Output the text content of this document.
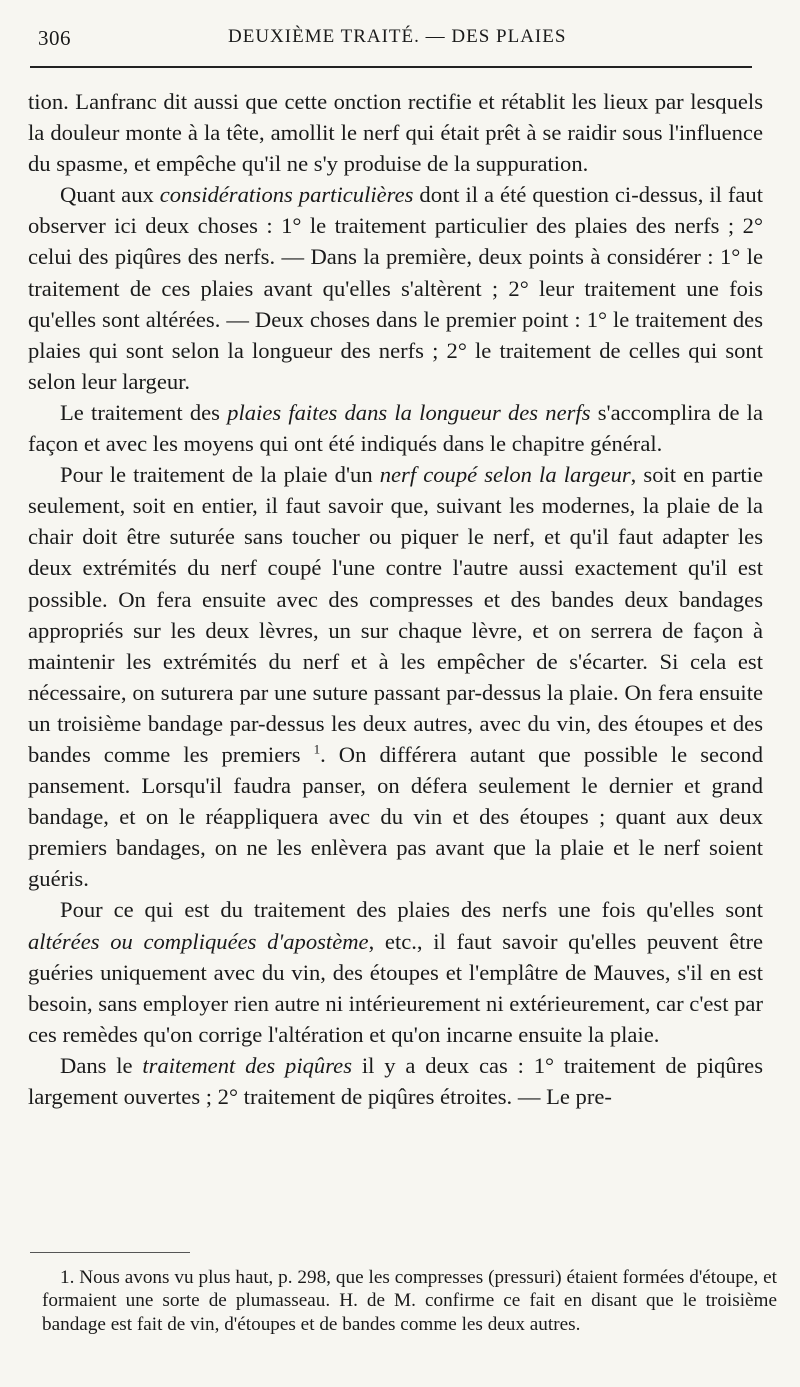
306	DEUXIÈME TRAITÉ. — DES PLAIES

tion. Lanfranc dit aussi que cette onction rectifie et rétablit les lieux par lesquels la douleur monte à la tête, amollit le nerf qui était prêt à se raidir sous l'influence du spasme, et empêche qu'il ne s'y produise de la suppuration.

Quant aux considérations particulières dont il a été question ci-dessus, il faut observer ici deux choses : 1° le traitement particulier des plaies des nerfs ; 2° celui des piqûres des nerfs. — Dans la première, deux points à considérer : 1° le traitement de ces plaies avant qu'elles s'altèrent ; 2° leur traitement une fois qu'elles sont altérées. — Deux choses dans le premier point : 1° le traitement des plaies qui sont selon la longueur des nerfs ; 2° le traitement de celles qui sont selon leur largeur.

Le traitement des plaies faites dans la longueur des nerfs s'accomplira de la façon et avec les moyens qui ont été indiqués dans le chapitre général.

Pour le traitement de la plaie d'un nerf coupé selon la largeur, soit en partie seulement, soit en entier, il faut savoir que, suivant les modernes, la plaie de la chair doit être suturée sans toucher ou piquer le nerf, et qu'il faut adapter les deux extrémités du nerf coupé l'une contre l'autre aussi exactement qu'il est possible. On fera ensuite avec des compresses et des bandes deux bandages appropriés sur les deux lèvres, un sur chaque lèvre, et on serrera de façon à maintenir les extrémités du nerf et à les empêcher de s'écarter. Si cela est nécessaire, on suturera par une suture passant par-dessus la plaie. On fera ensuite un troisième bandage par-dessus les deux autres, avec du vin, des étoupes et des bandes comme les premiers $^1$. On différera autant que possible le second pansement. Lorsqu'il faudra panser, on défera seulement le dernier et grand bandage, et on le réappliquera avec du vin et des étoupes ; quant aux deux premiers bandages, on ne les enlèvera pas avant que la plaie et le nerf soient guéris.

Pour ce qui est du traitement des plaies des nerfs une fois qu'elles sont altérées ou compliquées d'apostème, etc., il faut savoir qu'elles peuvent être guéries uniquement avec du vin, des étoupes et l'emplâtre de Mauves, s'il en est besoin, sans employer rien autre ni intérieurement ni extérieurement, car c'est par ces remèdes qu'on corrige l'altération et qu'on incarne ensuite la plaie.

Dans le traitement des piqûres il y a deux cas : 1° traitement de piqûres largement ouvertes ; 2° traitement de piqûres étroites. — Le pre-

1. Nous avons vu plus haut, p. 298, que les compresses (pressuri) étaient formées d'étoupe, et formaient une sorte de plumasseau. H. de M. confirme ce fait en disant que le troisième bandage est fait de vin, d'étoupes et de bandes comme les deux autres.
